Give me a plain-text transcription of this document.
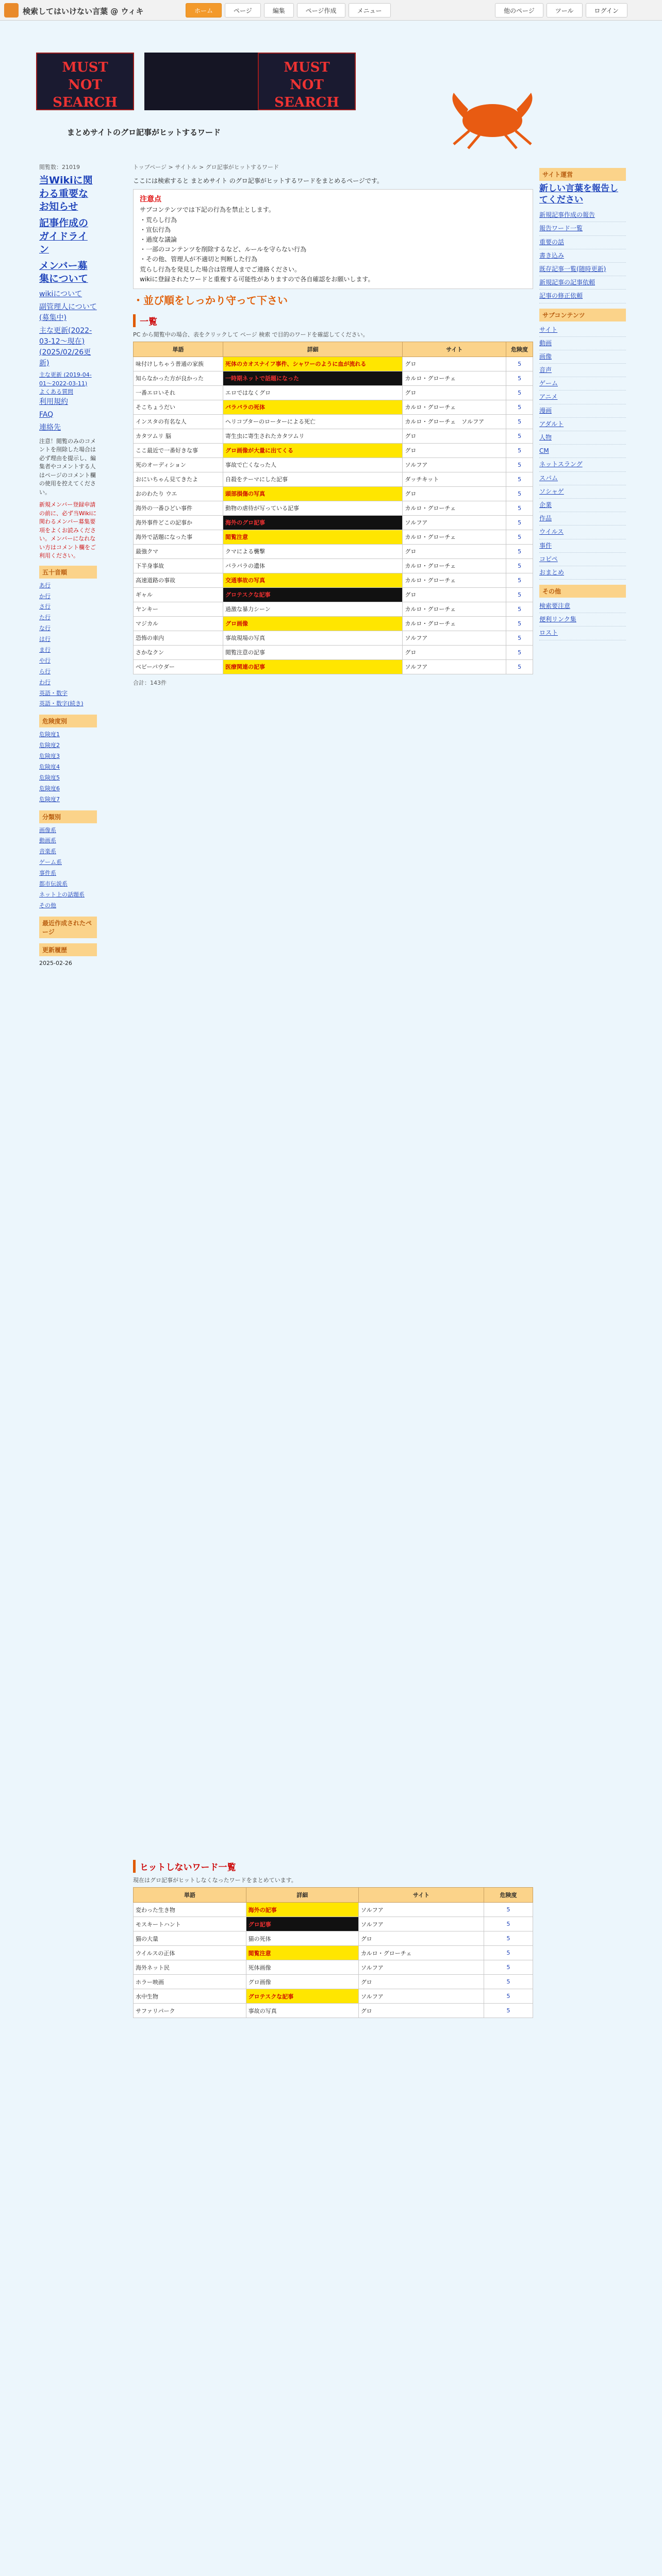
検索してはいけない言葉 @ ウィキ	ホーム	ページ	編集	ページ作成	メニュー	他のページ	ツール	ログイン
MUST
NOT
SEARCH
MUST
NOT
SEARCH
まとめサイトのグロ記事がヒットするワード
閲覧数：21019
当Wikiに関わる重要なお知らせ
記事作成のガイドライン
メンバー募集について
wikiについて
副管理人について(募集中)
主な更新(2022-03-12～現在) (2025/02/26更新)
主な更新 (2019-04-01～2022-03-11)
よくある質問
利用規約
FAQ
連絡先
注意！閲覧のみのコメントを削除した場合は必ず理由を提示し、編集者やコメントする人はページのコメント欄の使用を控えてください。
新規メンバー登録申請の前に、必ず当Wikiに関わるメンバー募集要項をよくお読みください。メンバーになれない方はコメント欄をご利用ください。
五十音順
あ行
か行
さ行
た行
な行
は行
ま行
や行
ら行
わ行
英語・数字
英語・数字(続き)
危険度別
危険度1
危険度2
危険度3
危険度4
危険度5
危険度6
危険度7
分類別
画像系
動画系
音楽系
ゲーム系
事件系
都市伝説系
ネット上の話題系
その他
最近作成されたページ
更新履歴
2025-02-26
トップページ > サイトル > グロ記事がヒットするワード
ここには検索すると まとめサイト のグロ記事がヒットするワードをまとめるページです。
注意点
サブコンテンツでは下記の行為を禁止とします。
・荒らし行為
・宣伝行為
・過度な議論
・一部のコンテンツを削除するなど、ルールを守らない行為
・その他、管理人が不適切と判断した行為
荒らし行為を発見した場合は管理人までご連絡ください。
wikiに登録されたワードと重複する可能性がありますので各自確認をお願いします。
・並び順をしっかり守って下さい
一覧
PC から閲覧中の場合、表をクリックして ページ 検索 で目的のワードを確認してください。
単語	詳細	サイト	危険度
味付けしちゃう普通の家族	死体のカオスナイフ事件、シャワーのように血が流れる	グロ	5
知らなかった方が良かった	一時期ネットで話題になった	カルロ・グローチェ	5
一番エロいそれ	エロではなくグロ	グロ	5
そこちょうだい	バラバラの死体	カルロ・グローチェ	5
インスタの有名な人	ヘリコプターのローターによる死亡	カルロ・グローチェ　ソルフア	5
カタツムリ 脳	寄生虫に寄生されたカタツムリ	グロ	5
ここ最近で一番好きな事	グロ画像が大量に出てくる	グロ	5
死のオーディション	事故で亡くなった人	ソルフア	5
おにいちゃん見てきたよ	自殺をテーマにした記事	ダッチキット	5
おのわたり ウエ	頭部損傷の写真	グロ	5
海外の一番ひどい事件	動物の虐待が写っている記事	カルロ・グローチェ	5
海外事件どこの記事か	海外のグロ記事	ソルフア	5
海外で話題になった事	閲覧注意	カルロ・グローチェ	5
最強クマ	クマによる襲撃	グロ	5
下半身事故	バラバラの遺体	カルロ・グローチェ	5
高速道路の事故	交通事故の写真	カルロ・グローチェ	5
ギャル	グロテスクな記事	グロ	5
ヤンキー	過激な暴力シーン	カルロ・グローチェ	5
マジカル	グロ画像	カルロ・グローチェ	5
恐怖の車内	事故現場の写真	ソルフア	5
さかなクン	閲覧注意の記事	グロ	5
ベビーパウダー	医療関連の記事	ソルフア	5
合計：143件
ヒットしないワード一覧
現在はグロ記事がヒットしなくなったワードをまとめています。
単語	詳細	サイト	危険度
変わった生き物	海外の記事	ソルフア	5
モスキートハント	グロ記事	ソルフア	5
猫の大量	猫の死体	グロ	5
ウイルスの正体	閲覧注意	カルロ・グローチェ	5
海外ネット民	死体画像	ソルフア	5
ホラー映画	グロ画像	グロ	5
水中生物	グロテスクな記事	ソルフア	5
サファリパーク	事故の写真	グロ	5
サイト運営
新しい言葉を報告してください
新規記事作成の報告
報告ワード一覧
重要の話
書き込み
既存記事一覧(随時更新)
新規記事の記事依頼
記事の修正依頼
サブコンテンツ
サイト
動画
画像
音声
ゲーム
アニメ
漫画
アダルト
人物
CM
ネットスラング
スパム
ソシャゲ
企業
作品
ウイルス
事件
コピペ
おまとめ
その他
検索要注意
便利リンク集
ロスト
